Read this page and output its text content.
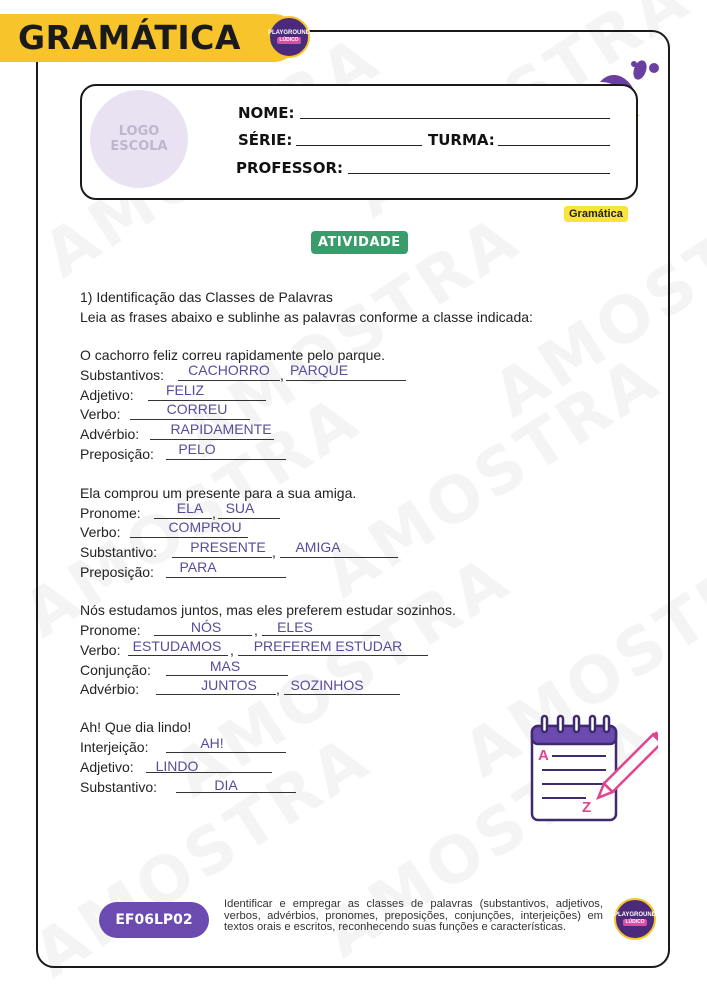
GRAMÁTICA	PLAYGROUND
LÚDICO
LOGO
ESCOLA
NOME:
SÉRIE:	TURMA:
PROFESSOR:
Gramática
ATIVIDADE
1) Identificação das Classes de Palavras
Leia as frases abaixo e sublinhe as palavras conforme a classe indicada:
O cachorro feliz correu rapidamente pelo parque.
Substantivos:	CACHORRO , PARQUE
Adjetivo:	FELIZ
Verbo:	CORREU
Advérbio:	RAPIDAMENTE
Preposição:	PELO
Ela comprou um presente para a sua amiga.
Pronome:	ELA , SUA
Verbo:	COMPROU
Substantivo:	PRESENTE ,	AMIGA
Preposição:	PARA
Nós estudamos juntos, mas eles preferem estudar sozinhos.
Pronome:	NÓS	,	ELES
Verbo: ESTUDAMOS ,	PREFEREM ESTUDAR
Conjunção:	MAS
Advérbio:	JUNTOS	, SOZINHOS
Ah! Que dia lindo!
Interjeição:	AH!
Adjetivo:	LINDO
Substantivo:	DIA
A
Z
EF06LP02
Identificar e empregar as classes de palavras (substantivos, adjetivos, verbos, advérbios, pronomes, preposições, conjunções, interjeições) em textos orais e escritos, reconhecendo suas funções e características.
PLAYGROUND
LÚDICO
